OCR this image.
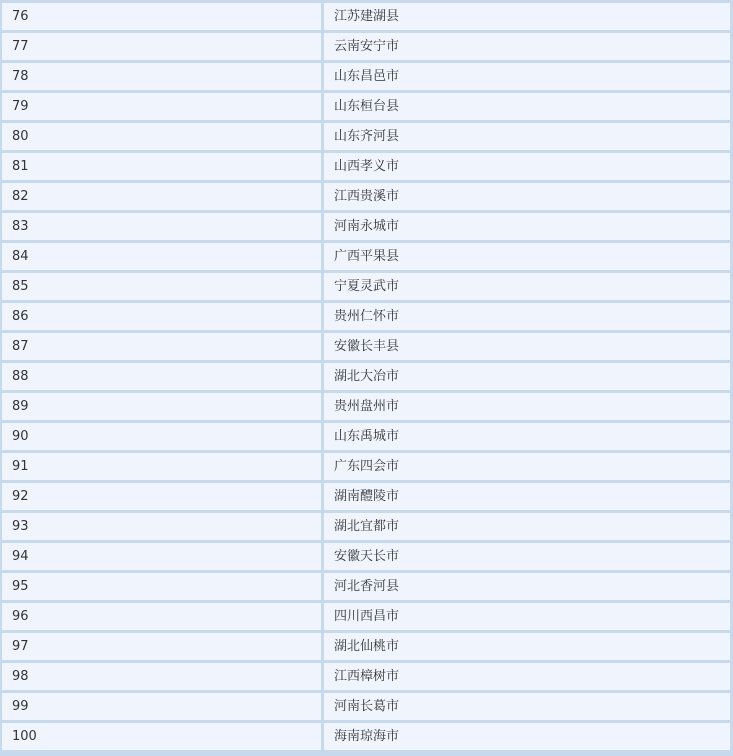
76	江苏建湖县
77	云南安宁市
78	山东昌邑市
79	山东桓台县
80	山东齐河县
81	山西孝义市
82	江西贵溪市
83	河南永城市
84	广西平果县
85	宁夏灵武市
86	贵州仁怀市
87	安徽长丰县
88	湖北大冶市
89	贵州盘州市
90	山东禹城市
91	广东四会市
92	湖南醴陵市
93	湖北宜都市
94	安徽天长市
95	河北香河县
96	四川西昌市
97	湖北仙桃市
98	江西樟树市
99	河南长葛市
100	海南琼海市
